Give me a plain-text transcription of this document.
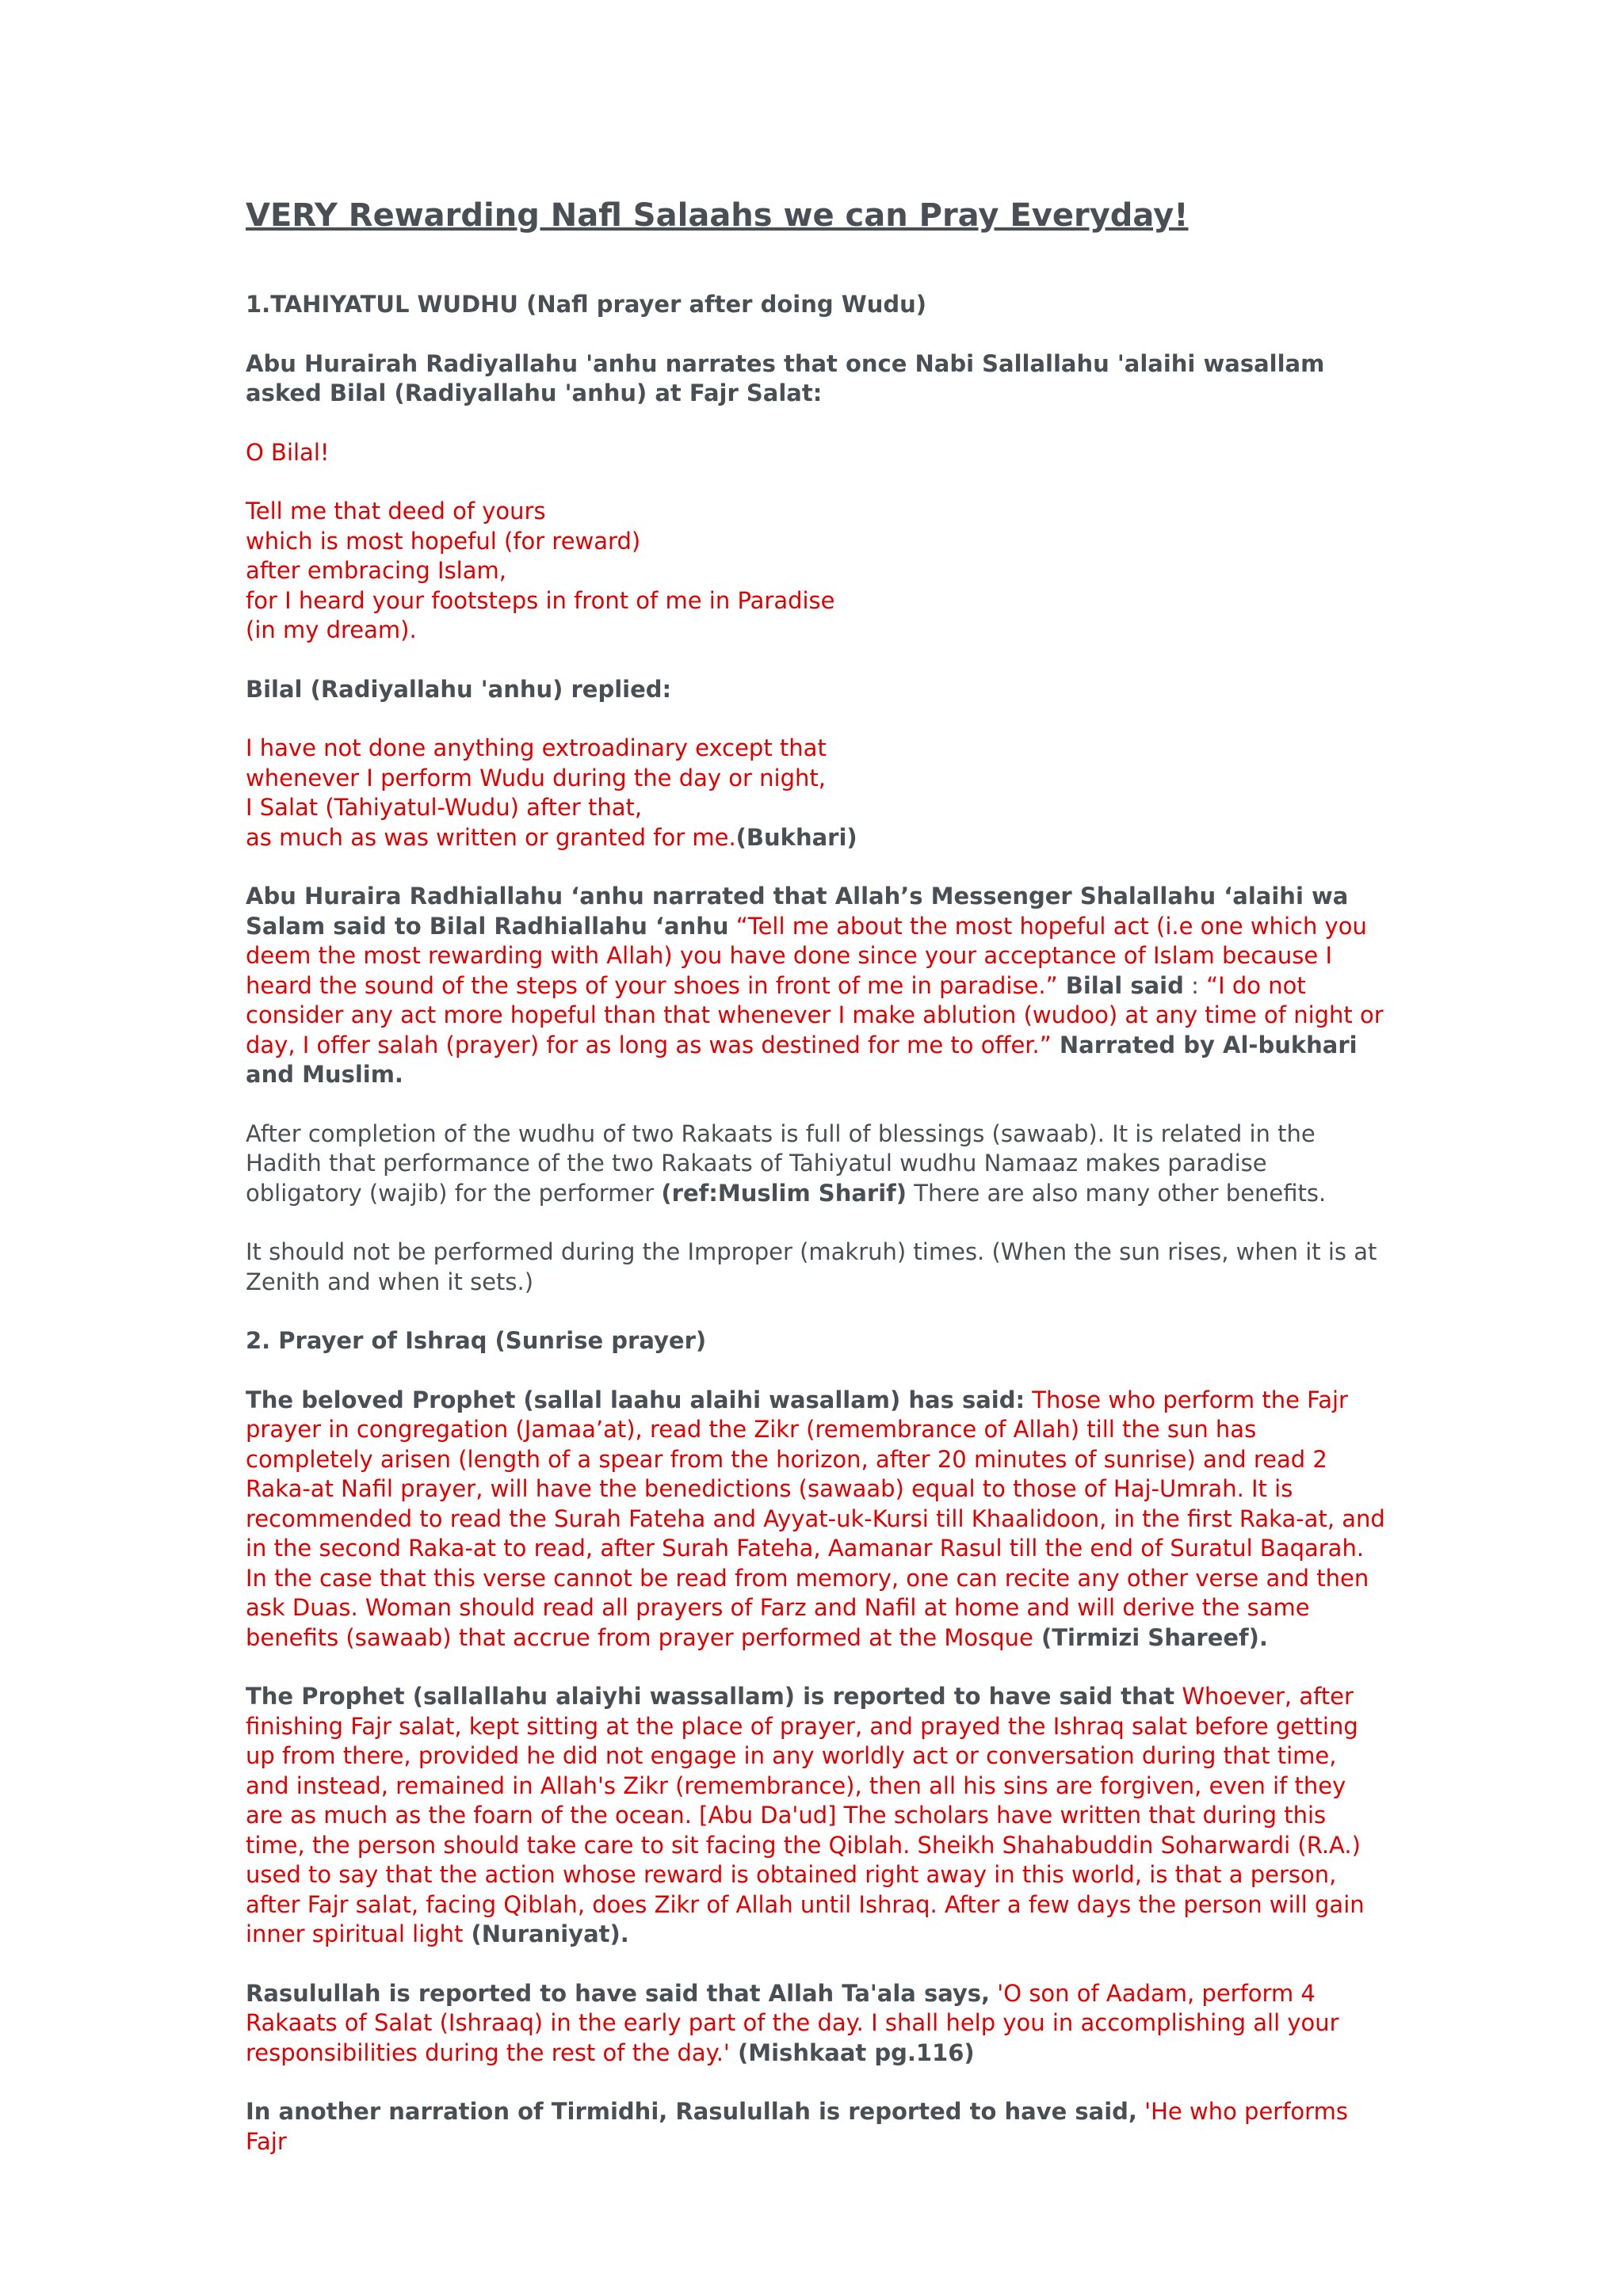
VERY Rewarding Nafl Salaahs we can Pray Everyday!

1.TAHIYATUL WUDHU (Nafl prayer after doing Wudu)

Abu Hurairah Radiyallahu 'anhu narrates that once Nabi Sallallahu 'alaihi wasallam asked Bilal (Radiyallahu 'anhu) at Fajr Salat:

O Bilal!

Tell me that deed of yours
which is most hopeful (for reward)
after embracing Islam,
for I heard your footsteps in front of me in Paradise
(in my dream).

Bilal (Radiyallahu 'anhu) replied:

I have not done anything extroadinary except that
whenever I perform Wudu during the day or night,
I Salat (Tahiyatul-Wudu) after that,
as much as was written or granted for me.(Bukhari)

Abu Huraira Radhiallahu ‘anhu narrated that Allah’s Messenger Shalallahu ‘alaihi wa Salam said to Bilal Radhiallahu ‘anhu “Tell me about the most hopeful act (i.e one which you deem the most rewarding with Allah) you have done since your acceptance of Islam because I heard the sound of the steps of your shoes in front of me in paradise.” Bilal said : “I do not consider any act more hopeful than that whenever I make ablution (wudoo) at any time of night or day, I offer salah (prayer) for as long as was destined for me to offer.” Narrated by Al-bukhari and Muslim.

After completion of the wudhu of two Rakaats is full of blessings (sawaab). It is related in the Hadith that performance of the two Rakaats of Tahiyatul wudhu Namaaz makes paradise obligatory (wajib) for the performer (ref:Muslim Sharif) There are also many other benefits.

It should not be performed during the Improper (makruh) times. (When the sun rises, when it is at Zenith and when it sets.)

2. Prayer of Ishraq (Sunrise prayer)

The beloved Prophet (sallal laahu alaihi wasallam) has said: Those who perform the Fajr prayer in congregation (Jamaa’at), read the Zikr (remembrance of Allah) till the sun has completely arisen (length of a spear from the horizon, after 20 minutes of sunrise) and read 2 Raka-at Nafil prayer, will have the benedictions (sawaab) equal to those of Haj-Umrah. It is recommended to read the Surah Fateha and Ayyat-uk-Kursi till Khaalidoon, in the first Raka-at, and in the second Raka-at to read, after Surah Fateha, Aamanar Rasul till the end of Suratul Baqarah. In the case that this verse cannot be read from memory, one can recite any other verse and then ask Duas. Woman should read all prayers of Farz and Nafil at home and will derive the same benefits (sawaab) that accrue from prayer performed at the Mosque (Tirmizi Shareef).

The Prophet (sallallahu alaiyhi wassallam) is reported to have said that Whoever, after finishing Fajr salat, kept sitting at the place of prayer, and prayed the Ishraq salat before getting up from there, provided he did not engage in any worldly act or conversation during that time, and instead, remained in Allah's Zikr (remembrance), then all his sins are forgiven, even if they are as much as the foarn of the ocean. [Abu Da'ud] The scholars have written that during this time, the person should take care to sit facing the Qiblah. Sheikh Shahabuddin Soharwardi (R.A.) used to say that the action whose reward is obtained right away in this world, is that a person, after Fajr salat, facing Qiblah, does Zikr of Allah until Ishraq. After a few days the person will gain inner spiritual light (Nuraniyat).

Rasulullah is reported to have said that Allah Ta'ala says, 'O son of Aadam, perform 4 Rakaats of Salat (Ishraaq) in the early part of the day. I shall help you in accomplishing all your responsibilities during the rest of the day.' (Mishkaat pg.116)

In another narration of Tirmidhi, Rasulullah is reported to have said, 'He who performs Fajr
